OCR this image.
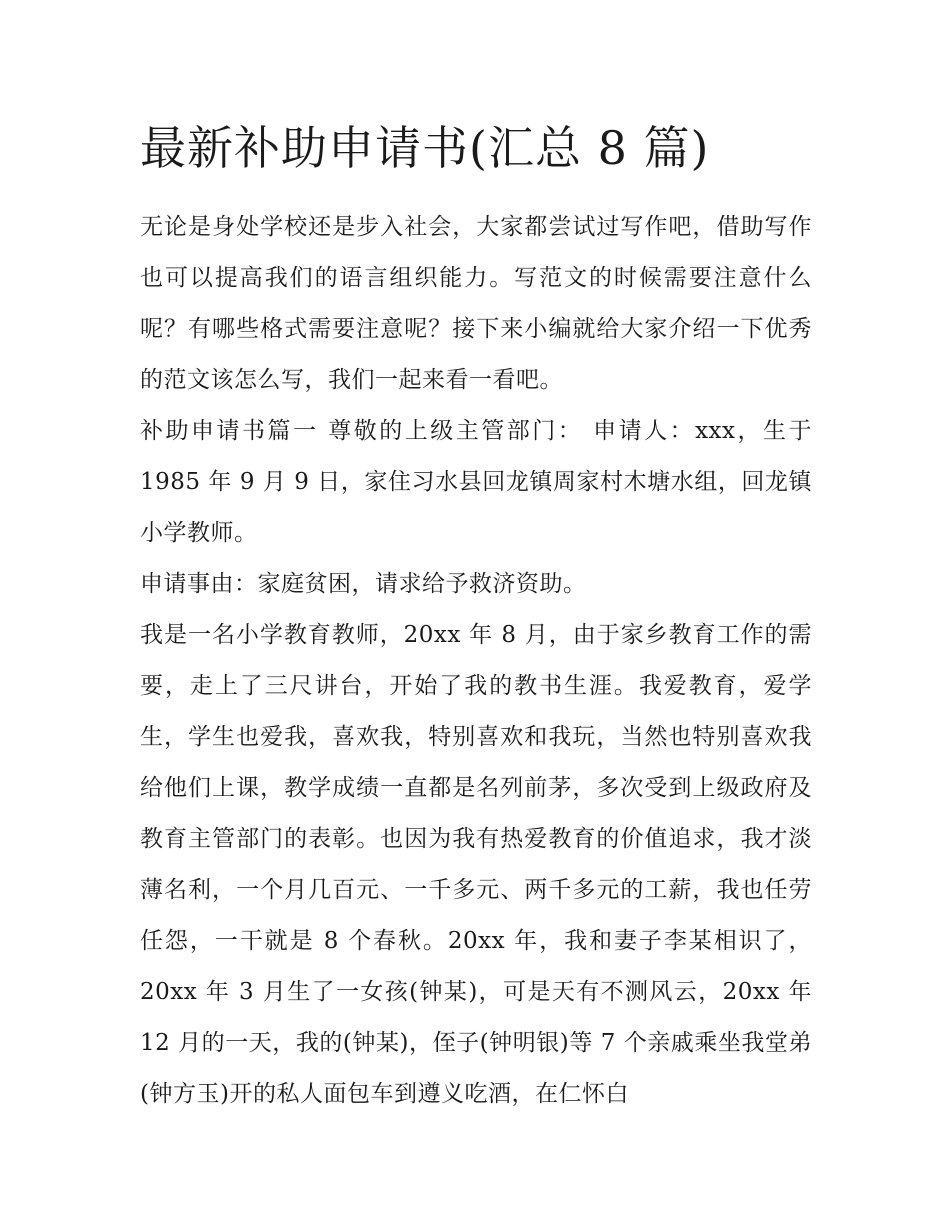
最新补助申请书(汇总 8 篇)

无论是身处学校还是步入社会，大家都尝试过写作吧，借助写作也可以提高我们的语言组织能力。写范文的时候需要注意什么呢？有哪些格式需要注意呢？接下来小编就给大家介绍一下优秀的范文该怎么写，我们一起来看一看吧。

补助申请书篇一 尊敬的上级主管部门： 申请人：xxx，生于1985 年 9 月 9 日，家住习水县回龙镇周家村木塘水组，回龙镇小学教师。

申请事由：家庭贫困，请求给予救济资助。

我是一名小学教育教师，20xx 年 8 月，由于家乡教育工作的需要，走上了三尺讲台，开始了我的教书生涯。我爱教育，爱学生，学生也爱我，喜欢我，特别喜欢和我玩，当然也特别喜欢我给他们上课，教学成绩一直都是名列前茅，多次受到上级政府及教育主管部门的表彰。也因为我有热爱教育的价值追求，我才淡薄名利，一个月几百元、一千多元、两千多元的工薪，我也任劳任怨，一干就是 8 个春秋。20xx 年，我和妻子李某相识了，20xx 年 3 月生了一女孩(钟某)，可是天有不测风云，20xx 年 12 月的一天，我的(钟某)，侄子(钟明银)等 7 个亲戚乘坐我堂弟(钟方玉)开的私人面包车到遵义吃酒，在仁怀白
